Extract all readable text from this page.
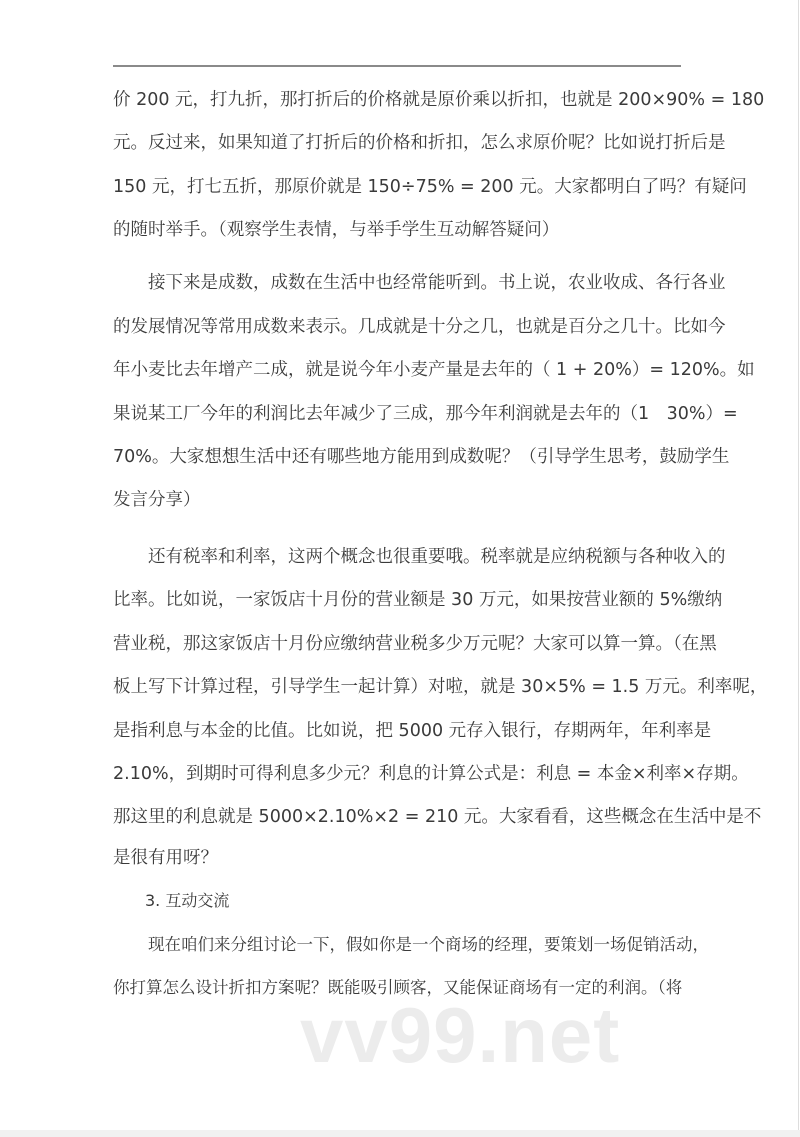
价 200 元，打九折，那打折后的价格就是原价乘以折扣，也就是 200×90% = 180
元。反过来，如果知道了打折后的价格和折扣，怎么求原价呢？比如说打折后是
150 元，打七五折，那原价就是 150÷75% = 200 元。大家都明白了吗？有疑问
的随时举手。（观察学生表情，与举手学生互动解答疑问）
接下来是成数，成数在生活中也经常能听到。书上说，农业收成、各行各业
的发展情况等常用成数来表示。几成就是十分之几，也就是百分之几十。比如今
年小麦比去年增产二成，就是说今年小麦产量是去年的（ 1 + 20%）= 120%。如
果说某工厂今年的利润比去年减少了三成，那今年利润就是去年的（1　30%）=
70%。大家想想生活中还有哪些地方能用到成数呢？（引导学生思考，鼓励学生
发言分享）
还有税率和利率，这两个概念也很重要哦。税率就是应纳税额与各种收入的
比率。比如说，一家饭店十月份的营业额是 30 万元，如果按营业额的 5%缴纳
营业税，那这家饭店十月份应缴纳营业税多少万元呢？大家可以算一算。（在黑
板上写下计算过程，引导学生一起计算）对啦，就是 30×5% = 1.5 万元。利率呢，
是指利息与本金的比值。比如说，把 5000 元存入银行，存期两年，年利率是
2.10%，到期时可得利息多少元？利息的计算公式是：利息 = 本金×利率×存期。
那这里的利息就是 5000×2.10%×2 = 210 元。大家看看，这些概念在生活中是不
是很有用呀？
3. 互动交流
现在咱们来分组讨论一下，假如你是一个商场的经理，要策划一场促销活动，
你打算怎么设计折扣方案呢？既能吸引顾客，又能保证商场有一定的利润。（将
vv99.net
